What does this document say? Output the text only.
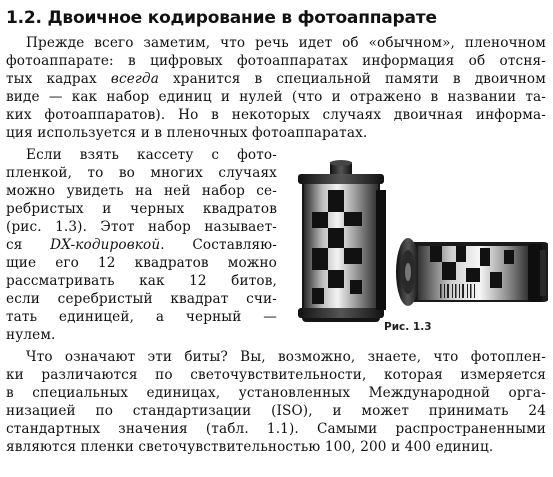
1.2. Двоичное кодирование в фотоаппарате
Прежде всего заметим, что речь идет об «обычном», пленочном
фотоаппарате: в цифровых фотоаппаратах информация об отсня-
тых кадрах всегда хранится в специальной памяти в двоичном
виде — как набор единиц и нулей (что и отражено в названии та-
ких фотоаппаратов). Но в некоторых случаях двоичная информа-
ция используется и в пленочных фотоаппаратах.
Если взять кассету с фото-
пленкой, то во многих случаях
можно увидеть на ней набор се-
ребристых и черных квадратов
(рис. 1.3). Этот набор называет-
ся DX-кодировкой. Составляю-
щие его 12 квадратов можно
рассматривать как 12 битов,
если серебристый квадрат счи-
тать единицей, а черный —
нулем.
Что означают эти биты? Вы, возможно, знаете, что фотоплен-
ки различаются по светочувствительности, которая измеряется
в специальных единицах, установленных Международной орга-
низацией по стандартизации (ISO), и может принимать 24
стандартных значения (табл. 1.1). Самыми распространенными
являются пленки светочувствительностью 100, 200 и 400 единиц.
Рис. 1.3
